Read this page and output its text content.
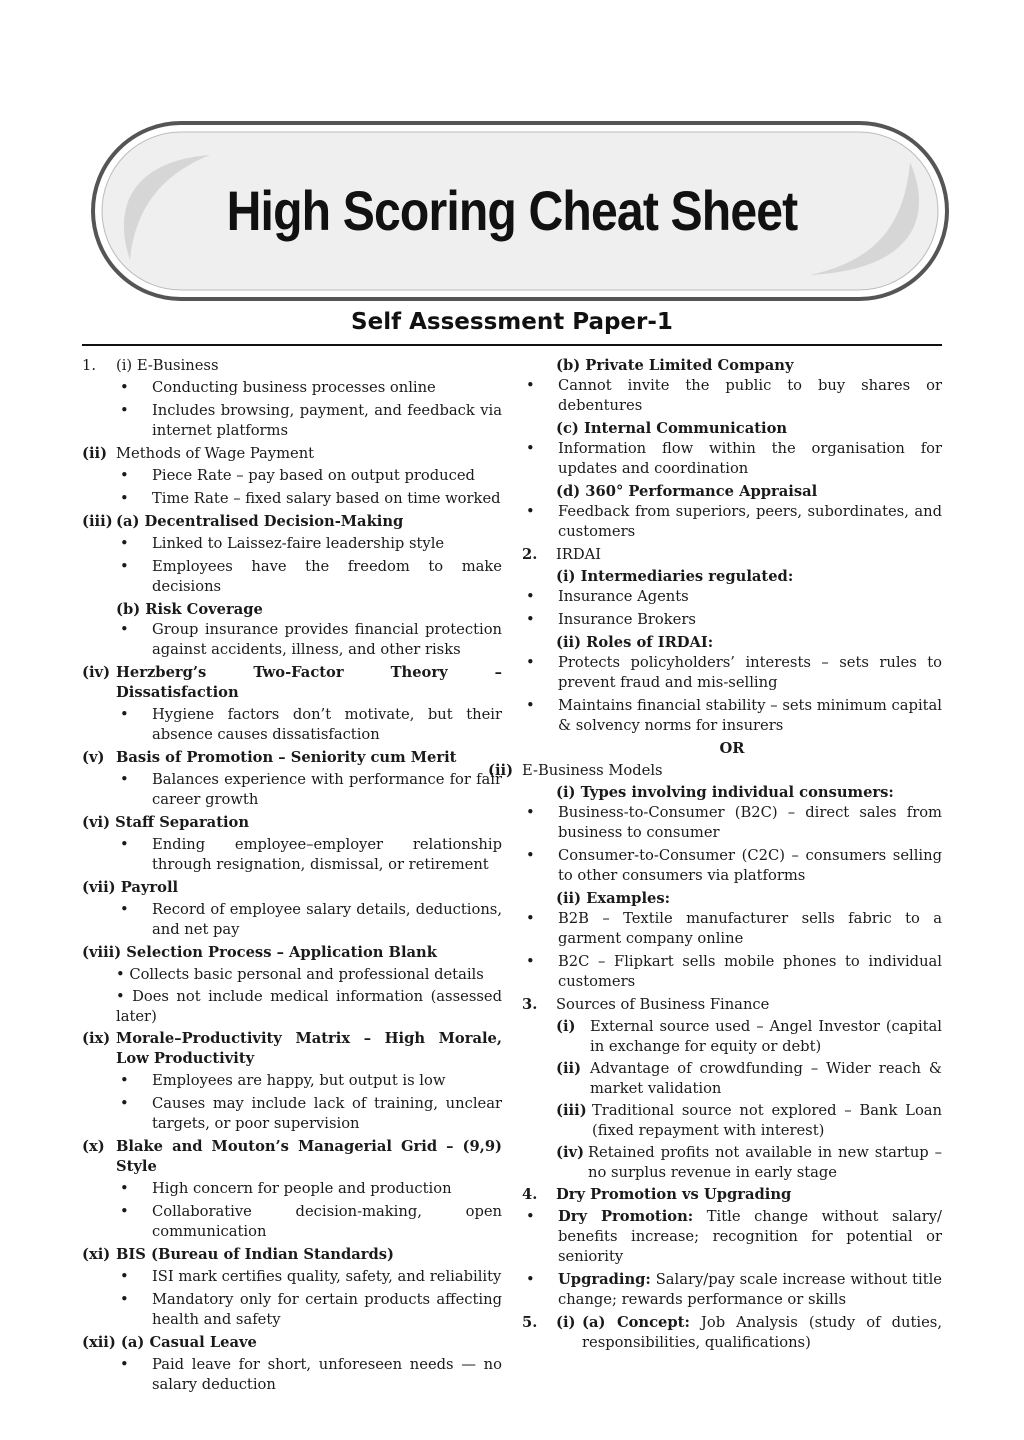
High Scoring Cheat Sheet
Self Assessment Paper-1
1.	(i) E-Business
•	Conducting business processes online
•	Includes browsing, payment, and feedback via internet platforms
(ii) Methods of Wage Payment
•	Piece Rate – pay based on output produced
•	Time Rate – fixed salary based on time worked
(iii) (a) Decentralised Decision-Making
•	Linked to Laissez-faire leadership style
•	Employees have the freedom to make decisions
(b) Risk Coverage
•	Group insurance provides financial protection against accidents, illness, and other risks
(iv) Herzberg’s Two-Factor Theory – Dissatisfaction
•	Hygiene factors don’t motivate, but their absence causes dissatisfaction
(v) Basis of Promotion – Seniority cum Merit
•	Balances experience with performance for fair career growth
(vi) Staff Separation
•	Ending employee–employer relationship through resignation, dismissal, or retirement
(vii) Payroll
•	Record of employee salary details, deductions, and net pay
(viii) Selection Process – Application Blank
• Collects basic personal and professional details
• Does not include medical information (assessed later)
(ix) Morale–Productivity Matrix – High Morale, Low Productivity
•	Employees are happy, but output is low
•	Causes may include lack of training, unclear targets, or poor supervision
(x) Blake and Mouton’s Managerial Grid – (9,9) Style
•	High concern for people and production
•	Collaborative decision-making, open communication
(xi) BIS (Bureau of Indian Standards)
•	ISI mark certifies quality, safety, and reliability
•	Mandatory only for certain products affecting health and safety
(xii) (a) Casual Leave
•	Paid leave for short, unforeseen needs — no salary deduction
(b) Private Limited Company
•	Cannot invite the public to buy shares or debentures
(c) Internal Communication
•	Information flow within the organisation for updates and coordination
(d) 360° Performance Appraisal
•	Feedback from superiors, peers, subordinates, and customers
2.	IRDAI
(i) Intermediaries regulated:
•	Insurance Agents
•	Insurance Brokers
(ii) Roles of IRDAI:
•	Protects policyholders’ interests – sets rules to prevent fraud and mis-selling
•	Maintains financial stability – sets minimum capital & solvency norms for insurers
OR
(ii) E-Business Models
(i) Types involving individual consumers:
•	Business-to-Consumer (B2C) – direct sales from business to consumer
•	Consumer-to-Consumer (C2C) – consumers selling to other consumers via platforms
(ii) Examples:
•	B2B – Textile manufacturer sells fabric to a garment company online
•	B2C – Flipkart sells mobile phones to individual customers
3.	Sources of Business Finance
(i) External source used – Angel Investor (capital in exchange for equity or debt)
(ii) Advantage of crowdfunding – Wider reach & market validation
(iii) Traditional source not explored – Bank Loan (fixed repayment with interest)
(iv) Retained profits not available in new startup – no surplus revenue in early stage
4.	Dry Promotion vs Upgrading
•	Dry Promotion: Title change without salary/ benefits increase; recognition for potential or seniority
•	Upgrading: Salary/pay scale increase without title change; rewards performance or skills
5.	(i) (a) Concept: Job Analysis (study of duties, responsibilities, qualifications)
